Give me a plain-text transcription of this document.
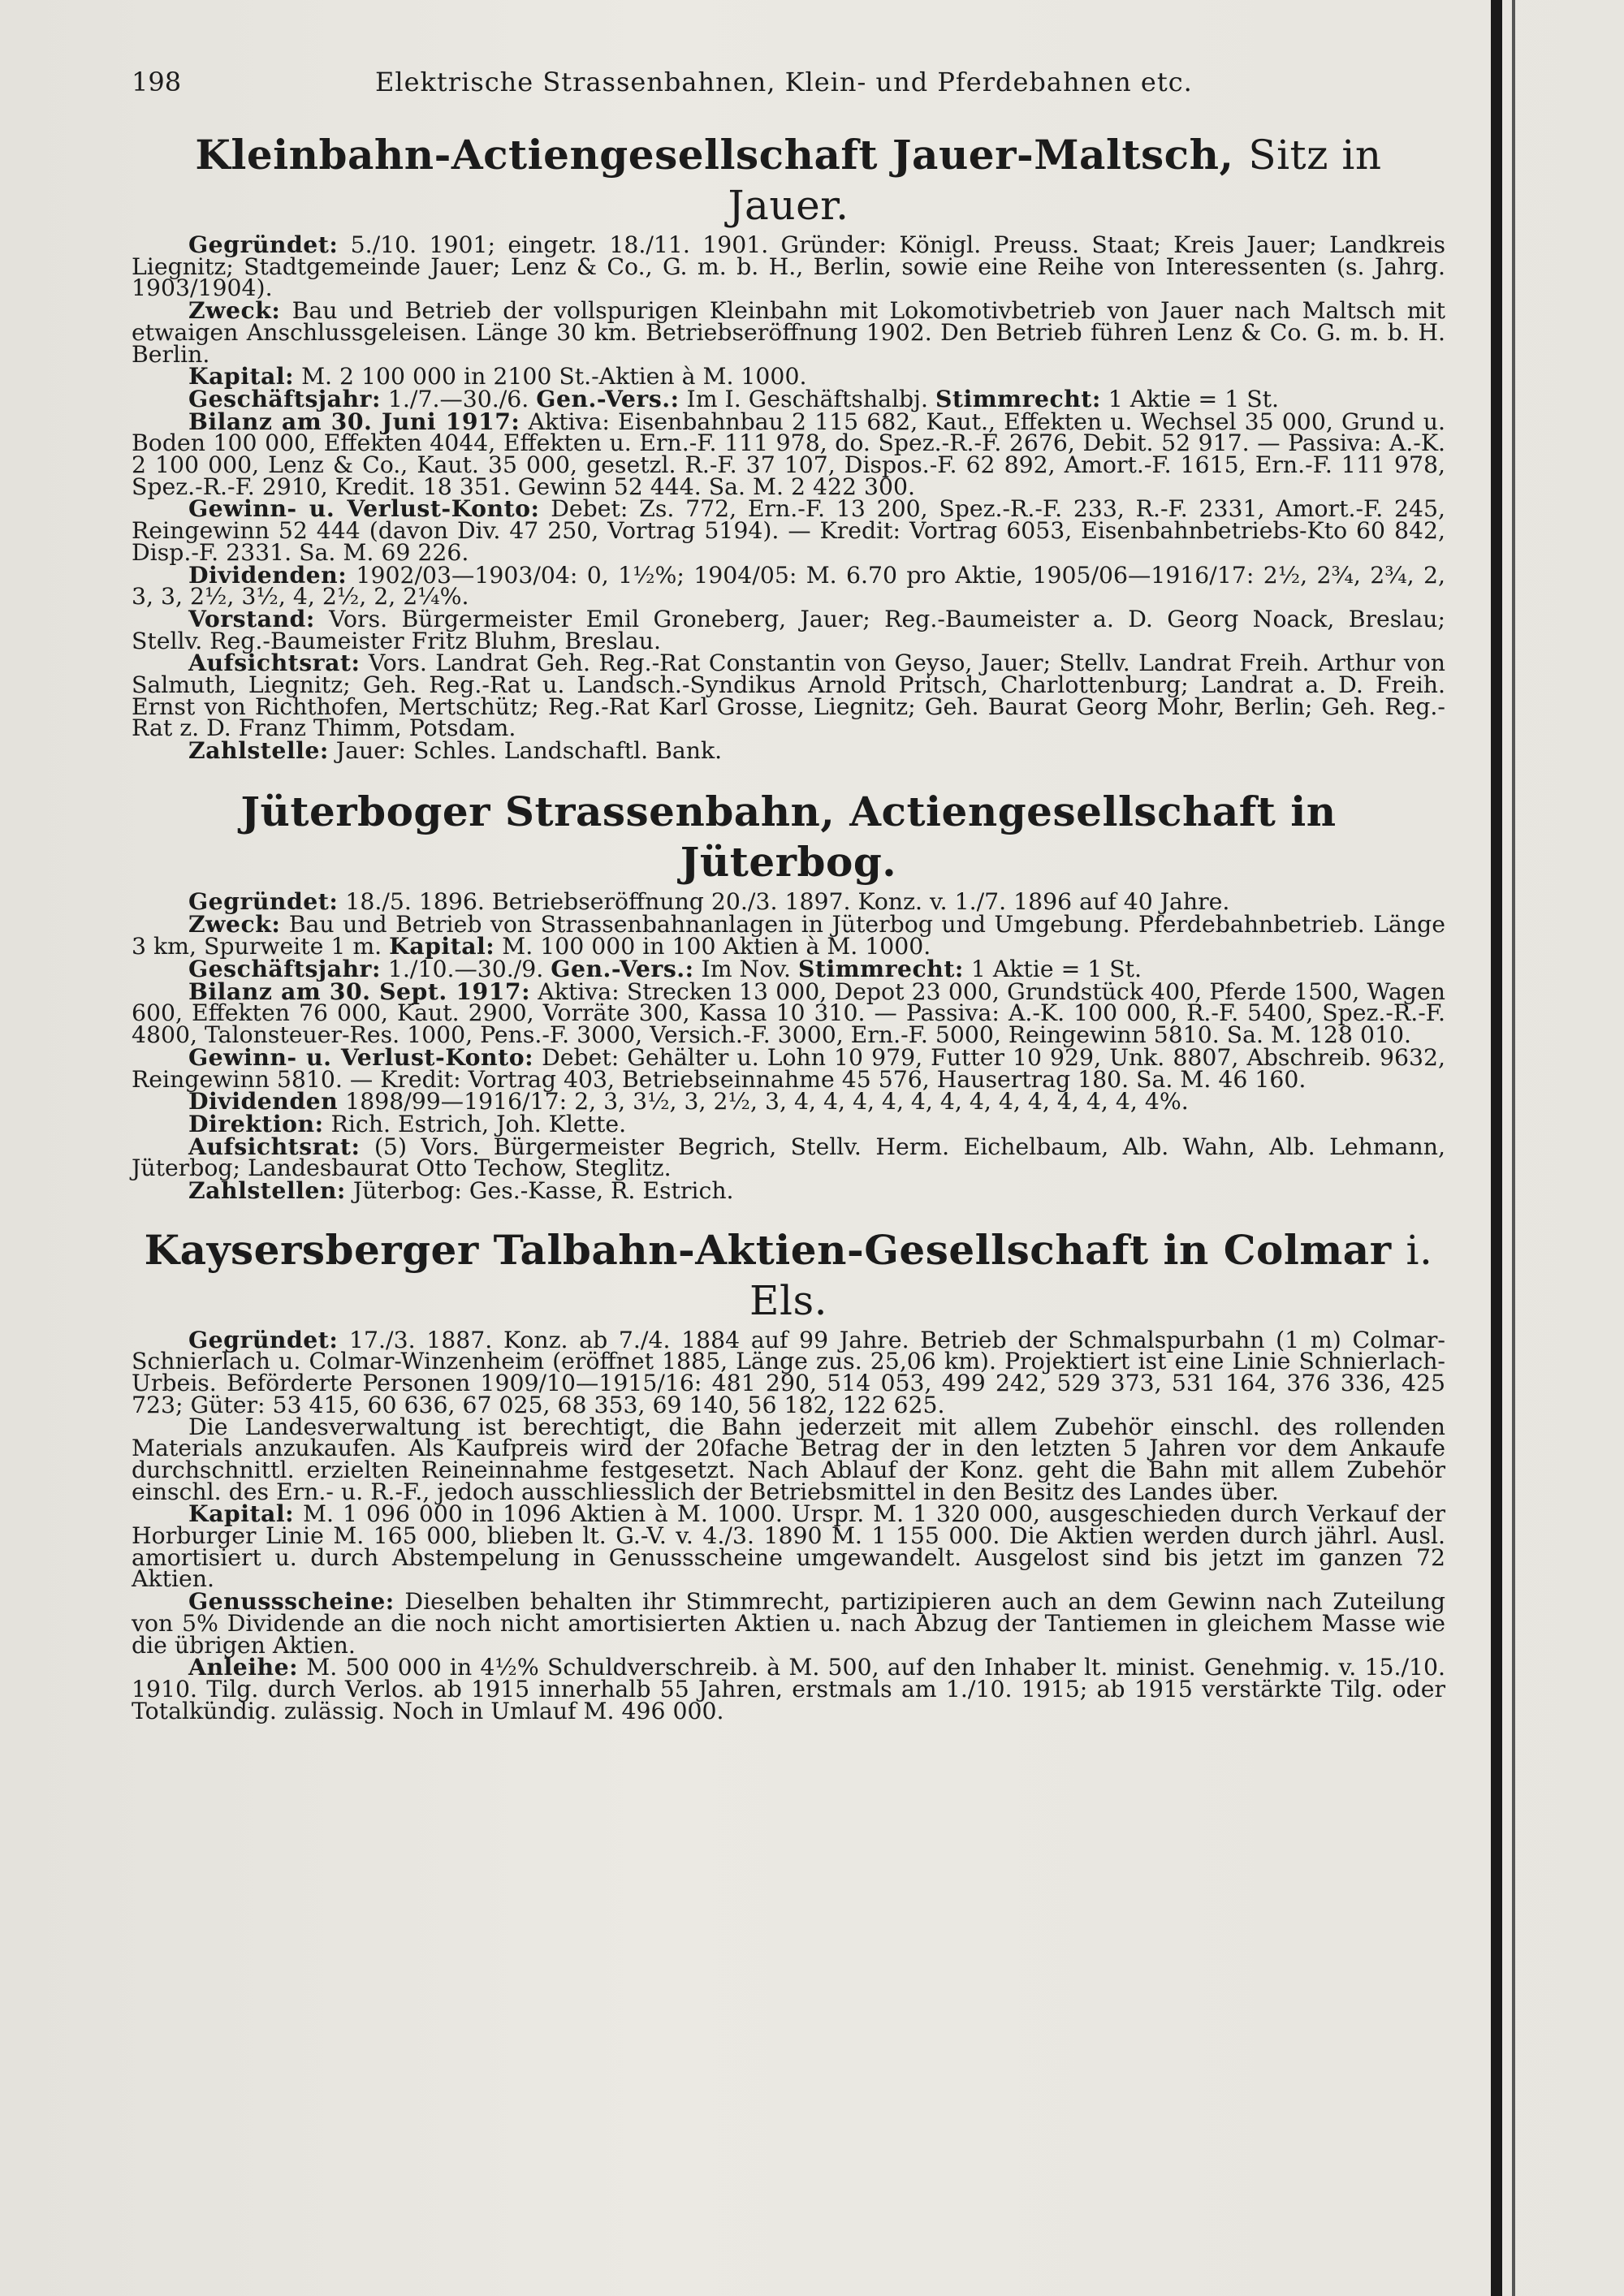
198	Elektrische Strassenbahnen, Klein- und Pferdebahnen etc.
Kleinbahn-Actiengesellschaft Jauer-Maltsch, Sitz in Jauer.

Gegründet: 5./10. 1901; eingetr. 18./11. 1901. Gründer: Königl. Preuss. Staat; Kreis Jauer; Landkreis Liegnitz; Stadtgemeinde Jauer; Lenz & Co., G. m. b. H., Berlin, sowie eine Reihe von Interessenten (s. Jahrg. 1903/1904).

Zweck: Bau und Betrieb der vollspurigen Kleinbahn mit Lokomotivbetrieb von Jauer nach Maltsch mit etwaigen Anschlussgeleisen. Länge 30 km. Betriebseröffnung 1902. Den Betrieb führen Lenz & Co. G. m. b. H. Berlin.

Kapital: M. 2 100 000 in 2100 St.-Aktien à M. 1000.

Geschäftsjahr: 1./7.—30./6. Gen.-Vers.: Im I. Geschäftshalbj. Stimmrecht: 1 Aktie = 1 St.

Bilanz am 30. Juni 1917: Aktiva: Eisenbahnbau 2 115 682, Kaut., Effekten u. Wechsel 35 000, Grund u. Boden 100 000, Effekten 4044, Effekten u. Ern.-F. 111 978, do. Spez.-R.-F. 2676, Debit. 52 917. — Passiva: A.-K. 2 100 000, Lenz & Co., Kaut. 35 000, gesetzl. R.-F. 37 107, Dispos.-F. 62 892, Amort.-F. 1615, Ern.-F. 111 978, Spez.-R.-F. 2910, Kredit. 18 351. Gewinn 52 444. Sa. M. 2 422 300.

Gewinn- u. Verlust-Konto: Debet: Zs. 772, Ern.-F. 13 200, Spez.-R.-F. 233, R.-F. 2331, Amort.-F. 245, Reingewinn 52 444 (davon Div. 47 250, Vortrag 5194). — Kredit: Vortrag 6053, Eisenbahnbetriebs-Kto 60 842, Disp.-F. 2331. Sa. M. 69 226.

Dividenden: 1902/03—1903/04: 0, 1½%; 1904/05: M. 6.70 pro Aktie, 1905/06—1916/17: 2½, 2¾, 2¾, 2, 3, 3, 2½, 3½, 4, 2½, 2, 2¼%.

Vorstand: Vors. Bürgermeister Emil Groneberg, Jauer; Reg.-Baumeister a. D. Georg Noack, Breslau; Stellv. Reg.-Baumeister Fritz Bluhm, Breslau.

Aufsichtsrat: Vors. Landrat Geh. Reg.-Rat Constantin von Geyso, Jauer; Stellv. Landrat Freih. Arthur von Salmuth, Liegnitz; Geh. Reg.-Rat u. Landsch.-Syndikus Arnold Pritsch, Charlottenburg; Landrat a. D. Freih. Ernst von Richthofen, Mertschütz; Reg.-Rat Karl Grosse, Liegnitz; Geh. Baurat Georg Mohr, Berlin; Geh. Reg.-Rat z. D. Franz Thimm, Potsdam.

Zahlstelle: Jauer: Schles. Landschaftl. Bank.

Jüterboger Strassenbahn, Actiengesellschaft in Jüterbog.

Gegründet: 18./5. 1896. Betriebseröffnung 20./3. 1897. Konz. v. 1./7. 1896 auf 40 Jahre.

Zweck: Bau und Betrieb von Strassenbahnanlagen in Jüterbog und Umgebung. Pferdebahnbetrieb. Länge 3 km, Spurweite 1 m. Kapital: M. 100 000 in 100 Aktien à M. 1000.

Geschäftsjahr: 1./10.—30./9. Gen.-Vers.: Im Nov. Stimmrecht: 1 Aktie = 1 St.

Bilanz am 30. Sept. 1917: Aktiva: Strecken 13 000, Depot 23 000, Grundstück 400, Pferde 1500, Wagen 600, Effekten 76 000, Kaut. 2900, Vorräte 300, Kassa 10 310. — Passiva: A.-K. 100 000, R.-F. 5400, Spez.-R.-F. 4800, Talonsteuer-Res. 1000, Pens.-F. 3000, Versich.-F. 3000, Ern.-F. 5000, Reingewinn 5810. Sa. M. 128 010.

Gewinn- u. Verlust-Konto: Debet: Gehälter u. Lohn 10 979, Futter 10 929, Unk. 8807, Abschreib. 9632, Reingewinn 5810. — Kredit: Vortrag 403, Betriebseinnahme 45 576, Hausertrag 180. Sa. M. 46 160.

Dividenden 1898/99—1916/17: 2, 3, 3½, 3, 2½, 3, 4, 4, 4, 4, 4, 4, 4, 4, 4, 4, 4, 4, 4%.

Direktion: Rich. Estrich, Joh. Klette.

Aufsichtsrat: (5) Vors. Bürgermeister Begrich, Stellv. Herm. Eichelbaum, Alb. Wahn, Alb. Lehmann, Jüterbog; Landesbaurat Otto Techow, Steglitz.

Zahlstellen: Jüterbog: Ges.-Kasse, R. Estrich.

Kaysersberger Talbahn-Aktien-Gesellschaft in Colmar i. Els.

Gegründet: 17./3. 1887. Konz. ab 7./4. 1884 auf 99 Jahre. Betrieb der Schmalspurbahn (1 m) Colmar-Schnierlach u. Colmar-Winzenheim (eröffnet 1885, Länge zus. 25,06 km). Projektiert ist eine Linie Schnierlach-Urbeis. Beförderte Personen 1909/10—1915/16: 481 290, 514 053, 499 242, 529 373, 531 164, 376 336, 425 723; Güter: 53 415, 60 636, 67 025, 68 353, 69 140, 56 182, 122 625.

Die Landesverwaltung ist berechtigt, die Bahn jederzeit mit allem Zubehör einschl. des rollenden Materials anzukaufen. Als Kaufpreis wird der 20fache Betrag der in den letzten 5 Jahren vor dem Ankaufe durchschnittl. erzielten Reineinnahme festgesetzt. Nach Ablauf der Konz. geht die Bahn mit allem Zubehör einschl. des Ern.- u. R.-F., jedoch ausschliesslich der Betriebsmittel in den Besitz des Landes über.

Kapital: M. 1 096 000 in 1096 Aktien à M. 1000. Urspr. M. 1 320 000, ausgeschieden durch Verkauf der Horburger Linie M. 165 000, blieben lt. G.-V. v. 4./3. 1890 M. 1 155 000. Die Aktien werden durch jährl. Ausl. amortisiert u. durch Abstempelung in Genussscheine umgewandelt. Ausgelost sind bis jetzt im ganzen 72 Aktien.

Genussscheine: Dieselben behalten ihr Stimmrecht, partizipieren auch an dem Gewinn nach Zuteilung von 5% Dividende an die noch nicht amortisierten Aktien u. nach Abzug der Tantiemen in gleichem Masse wie die übrigen Aktien.

Anleihe: M. 500 000 in 4½% Schuldverschreib. à M. 500, auf den Inhaber lt. minist. Genehmig. v. 15./10. 1910. Tilg. durch Verlos. ab 1915 innerhalb 55 Jahren, erstmals am 1./10. 1915; ab 1915 verstärkte Tilg. oder Totalkündig. zulässig. Noch in Umlauf M. 496 000.
